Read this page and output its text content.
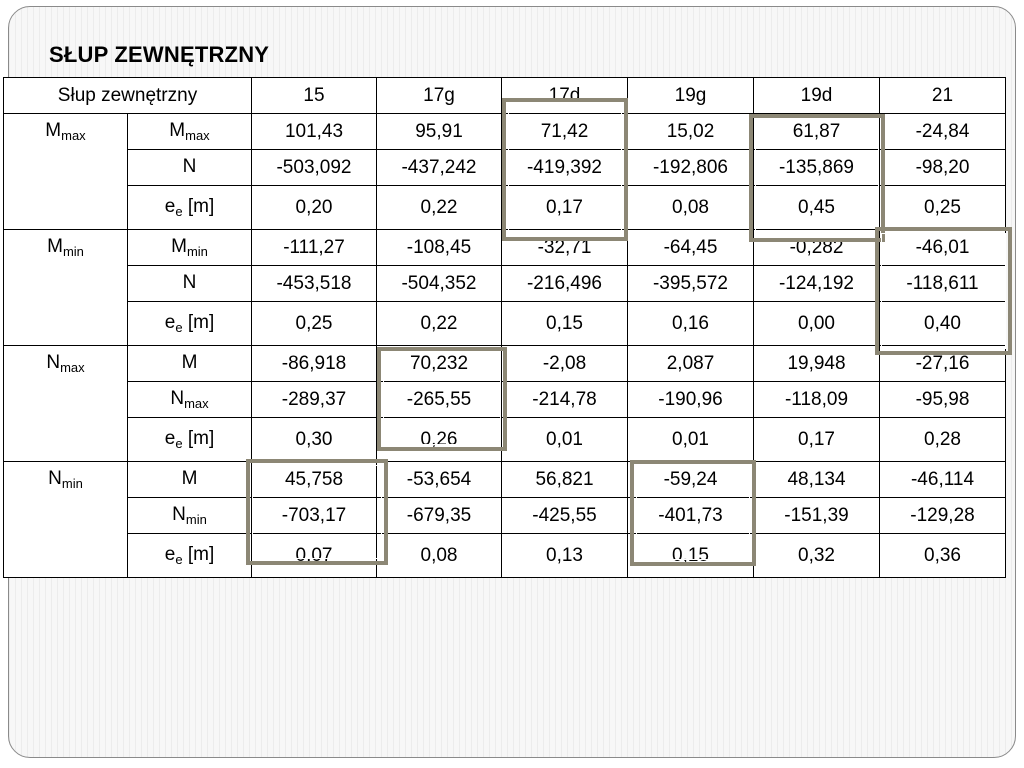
SŁUP ZEWNĘTRZNY
Słup zewnętrzny		15	17g	17d	19g	19d	21
$M_{max}$	$M_{max}$	101,43	95,91	71,42	15,02	61,87	-24,84
	N	-503,092	-437,242	-419,392	-192,806	-135,869	-98,20
	$e_e$ [m]	0,20	0,22	0,17	0,08	0,45	0,25
$M_{min}$	$M_{min}$	-111,27	-108,45	-32,71	-64,45	-0,282	-46,01
	N	-453,518	-504,352	-216,496	-395,572	-124,192	-118,611
	$e_e$ [m]	0,25	0,22	0,15	0,16	0,00	0,40
$N_{max}$	M	-86,918	70,232	-2,08	2,087	19,948	-27,16
	$N_{max}$	-289,37	-265,55	-214,78	-190,96	-118,09	-95,98
	$e_e$ [m]	0,30	0,26	0,01	0,01	0,17	0,28
$N_{min}$	M	45,758	-53,654	56,821	-59,24	48,134	-46,114
	$N_{min}$	-703,17	-679,35	-425,55	-401,73	-151,39	-129,28
	$e_e$ [m]	0,07	0,08	0,13	0,15	0,32	0,36
